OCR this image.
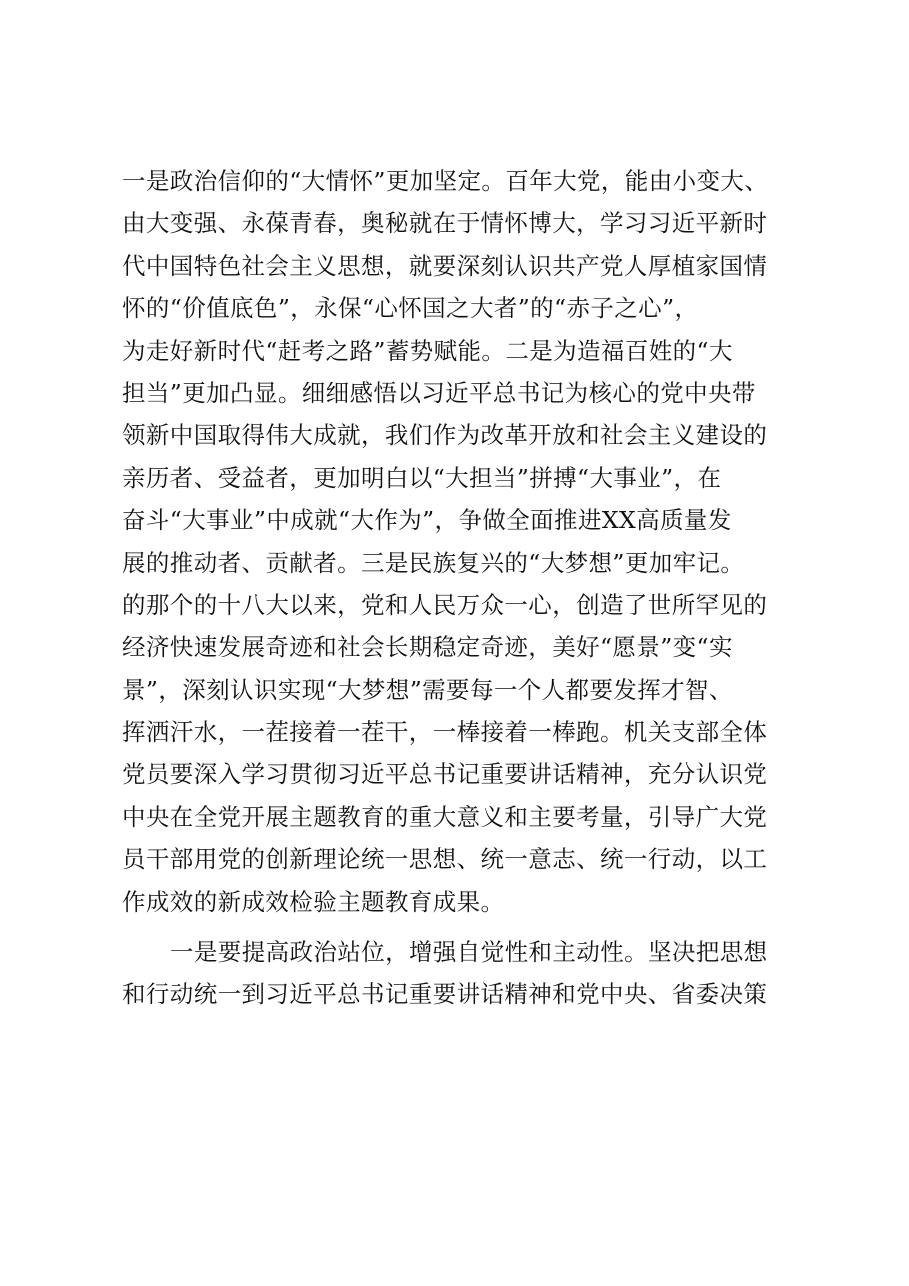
一是政治信仰的“大情怀”更加坚定。百年大党，能由小变大、
由大变强、永葆青春，奥秘就在于情怀博大，学习习近平新时
代中国特色社会主义思想，就要深刻认识共产党人厚植家国情
怀的“价值底色”，永保“心怀国之大者”的“赤子之心”，
为走好新时代“赶考之路”蓄势赋能。二是为造福百姓的“大
担当”更加凸显。细细感悟以习近平总书记为核心的党中央带
领新中国取得伟大成就，我们作为改革开放和社会主义建设的
亲历者、受益者，更加明白以“大担当”拼搏“大事业”，在
奋斗“大事业”中成就“大作为”，争做全面推进XX高质量发
展的推动者、贡献者。三是民族复兴的“大梦想”更加牢记。
的那个的十八大以来，党和人民万众一心，创造了世所罕见的
经济快速发展奇迹和社会长期稳定奇迹，美好“愿景”变“实
景”，深刻认识实现“大梦想”需要每一个人都要发挥才智、
挥洒汗水，一茬接着一茬干，一棒接着一棒跑。机关支部全体
党员要深入学习贯彻习近平总书记重要讲话精神，充分认识党
中央在全党开展主题教育的重大意义和主要考量，引导广大党
员干部用党的创新理论统一思想、统一意志、统一行动，以工
作成效的新成效检验主题教育成果。
一是要提高政治站位，增强自觉性和主动性。坚决把思想
和行动统一到习近平总书记重要讲话精神和党中央、省委决策
